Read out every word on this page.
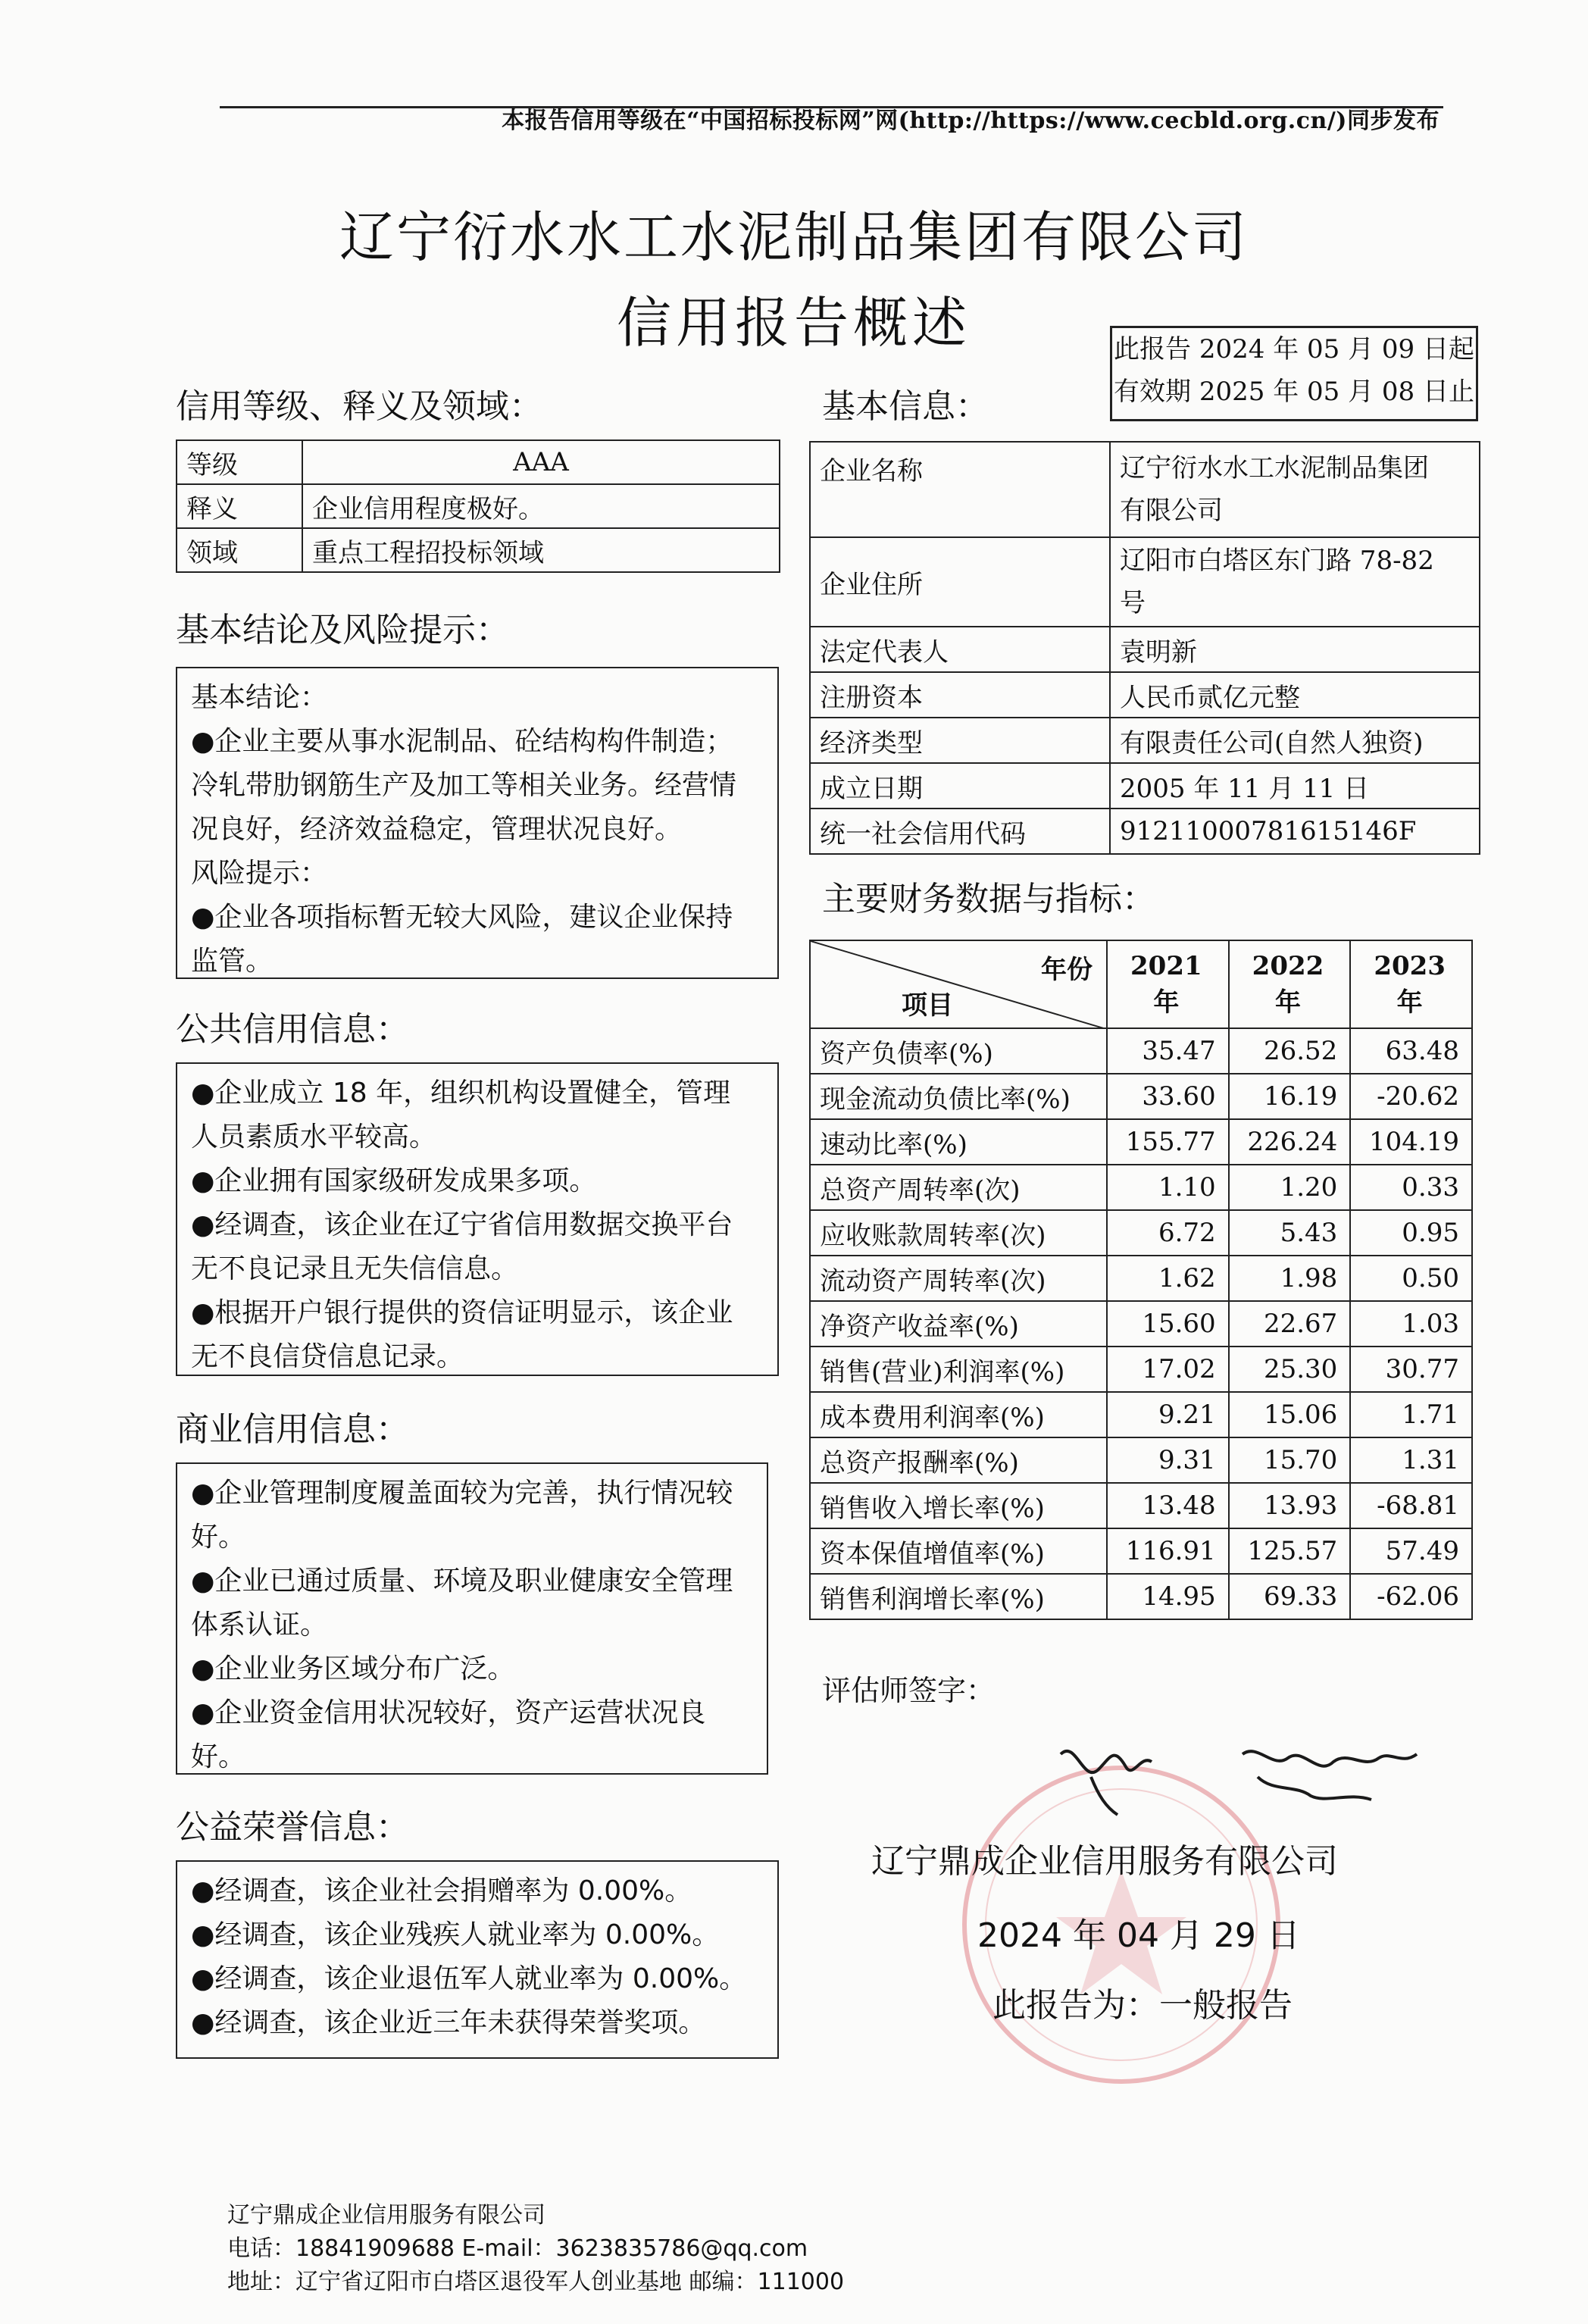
本报告信用等级在“中国招标投标网”网(http://https://www.cecbld.org.cn/)同步发布
辽宁衍水水工水泥制品集团有限公司
信用报告概述	此报告 2024 年 05 月 09 日起
有效期 2025 年 05 月 08 日止
信用等级、释义及领域：
等级	AAA
释义	企业信用程度极好。
领域	重点工程招投标领域
基本结论及风险提示：

基本结论：

●企业主要从事水泥制品、砼结构构件制造；

冷轧带肋钢筋生产及加工等相关业务。经营情

况良好，经济效益稳定，管理状况良好。

风险提示：

●企业各项指标暂无较大风险，建议企业保持

监管。

公共信用信息：

●企业成立 18 年，组织机构设置健全，管理

人员素质水平较高。

●企业拥有国家级研发成果多项。

●经调查，该企业在辽宁省信用数据交换平台

无不良记录且无失信信息。

●根据开户银行提供的资信证明显示，该企业

无不良信贷信息记录。

商业信用信息：

●企业管理制度履盖面较为完善，执行情况较

好。

●企业已通过质量、环境及职业健康安全管理

体系认证。

●企业业务区域分布广泛。

●企业资金信用状况较好，资产运营状况良

好。

公益荣誉信息：

●经调查，该企业社会捐赠率为 0.00%。

●经调查，该企业残疾人就业率为 0.00%。

●经调查，该企业退伍军人就业率为 0.00%。

●经调查，该企业近三年未获得荣誉奖项。

基本信息：
企业名称	辽宁衍水水工水泥制品集团
有限公司

企业住所	辽阳市白塔区东门路 78-82
号

法定代表人	袁明新
注册资本	人民币贰亿元整
经济类型	有限责任公司(自然人独资)
成立日期	2005 年 11 月 11 日
统一社会信用代码	91211000781615146F
主要财务数据与指标：
年份
项目	2021 年	2022 年	2023 年
资产负债率(%)	35.47	26.52	63.48
现金流动负债比率(%)	33.60	16.19	-20.62
速动比率(%)	155.77	226.24	104.19
总资产周转率(次)	1.10	1.20	0.33
应收账款周转率(次)	6.72	5.43	0.95
流动资产周转率(次)	1.62	1.98	0.50
净资产收益率(%)	15.60	22.67	1.03
销售(营业)利润率(%)	17.02	25.30	30.77
成本费用利润率(%)	9.21	15.06	1.71
总资产报酬率(%)	9.31	15.70	1.31
销售收入增长率(%)	13.48	13.93	-68.81
资本保值增值率(%)	116.91	125.57	57.49
销售利润增长率(%)	14.95	69.33	-62.06
评估师签字：
辽宁鼎成企业信用服务有限公司
2024 年 04 月 29 日
此报告为：一般报告
辽宁鼎成企业信用服务有限公司
电话：18841909688 E-mail：3623835786@qq.com
地址：辽宁省辽阳市白塔区退役军人创业基地 邮编：111000
